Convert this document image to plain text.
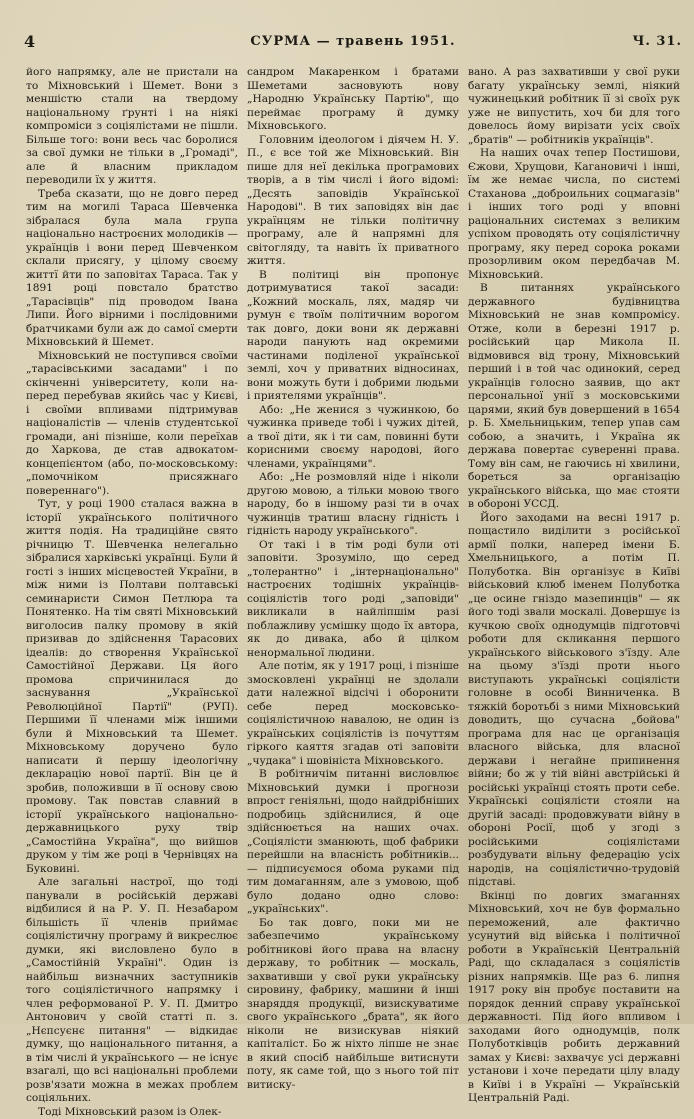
4	СУРМА — травень 1951.	Ч. 31.

його напрямку, але не пристали на то Міхновський і Шемет. Вони з меншістю стали на твердому національному ґрунті і на ніякі компроміси з соціялістами не пішли. Більше того: вони весь час боролися за свої думки не тільки в „Громаді", але й власним прикладом переводили їх у життя.

Треба сказати, що не довго перед тим на могилі Тараса Шевченка зібралася була мала група національно настроєних молодиків — українців і вони перед Шевченком склали присягу, у цілому своєму життї йти по заповітах Тараса. Так у 1891 році повстало братство „Тарасівців" під проводом Івана Липи. Його вірними і послідовними братчиками були аж до самої смерти Міхновський й Шемет.

Міхновський не поступився своїми „тарасівськими засадами" і по скінченні університету, коли на-перед перебував якийсь час у Києві, і своїми впливами підтримував націоналістів — членів студентської громади, ані пізніше, коли переїхав до Харкова, де став адвокатом-концепієнтом (або, по-московському: „помочніком присяжнаго повереннаго").

Тут, у році 1900 сталася важна в історії українського політичного життя подія. На традиційне свято річницю Т. Шевченка нелегально зібралися харківські українці. Були й гості з інших місцевостей України, в між ними із Полтави полтавські семинаристи Симон Петлюра та Понятенко. На тім святі Міхновський виголосив палку промову в якій призивав до здійснення Тарасових ідеалів: до створення Української Самостійної Держави. Ця його промова спричинилася до заснування „Української Революційної Партії" (РУП). Першими її членами між іншими були й Міхновський та Шемет. Міхновському доручено було написати й першу ідеологічну декларацію нової партії. Він це й зробив, положивши в її основу свою промову. Так повстав славний в історії українського національно-державницького руху твір „Самостійна Україна", що вийшов друком у тім же році в Чернівцях на Буковині.

Але загальні настрої, що тоді панували в російській державі відбилися й на Р. У. П. Незабаром більшість її членів приймає соціялістичну програму й викреслює думки, які висловлено було в „Самостійній Україні". Один із найбільш визначних заступників того соціялістичного напрямку і член реформованої Р. У. П. Дмитро Антонович у своїй статті п. з. „Нєпсуєнє питання" — відкидає думку, що національного питання, а в тім числі й українського — не існує взагалі, що всі національні проблеми розв'язати можна в межах проблем соціяльних.

Тоді Міхновський разом із Олек-

сандром Макаренком і братами Шеметами засновують нову „Народню Українську Партію", що переймає програму й думку Міхновського.

Головним ідеологом і діячем Н. У. П., є все той же Міхновський. Він пише для неї декілька програмових творів, а в тім числі і його відомі: „Десять заповідів Української Народові". В тих заповідях він дає українцям не тільки політичну програму, але й напрямні для світогляду, та навіть їх приватного життя.

В політиці він пропонує дотримуватися такої засади: „Кожний москаль, лях, мадяр чи румун є твоїм політичним ворогом так довго, доки вони як державні народи панують над окремими частинами поділеної української землі, хоч у приватних відносинах, вони можуть бути і добрими людьми і приятелями українців".

Або: „Не женися з чужинкою, бо чужинка приведе тобі і чужих дітей, а твої діти, як і ти сам, повинні бути корисними своєму народові, його членами, українцями".

Або: „Не розмовляй ніде і ніколи другою мовою, а тільки мовою твого народу, бо в іншому разі ти в очах чужинців тратиш власну гідність і гідність народу українського".

От такі і в тім роді були оті заповіти. Зрозуміло, що серед „толерантно" і „інтернаціонально" настроєних тодішніх українців-соціялістів того роді „заповіди" викликали в найліпшім разі поблажливу усмішку щодо їх автора, як до дивака, або й цілком ненормальної людини.

Але потім, як у 1917 році, і пізніше змосковлені українці не здолали дати належної відсічі і оборонити себе перед московсько-соціялістичною навалою, не один із українських соціялістів із почуттям гіркого каяття згадав оті заповіти „чудака" і шовініста Міхновського.

В робітничім питанні висловлює Міхновський думки і прогнози впрост геніяльні, щодо найдрібніших подробиць здійснилися, й оце здійснюється на наших очах. „Соціялісти зманюють, щоб фабрики перейшли на власність робітників... — підписуємося обома руками під тим домаганням, але з умовою, щоб було додано одно слово: „українських".

Бо так довго, поки ми не забезпечимо українському робітникові його права на власну державу, то робітник — москаль, захвативши у свої руки українську сировину, фабрику, машини й інші знаряддя продукції, визискуватиме свого українського „брата", як його ніколи не визискував ніякий капіталіст. Бо ж ніхто ліпше не знає в який спосіб найбільше витиснути поту, як саме той, що з нього той піт витиску-

вано. А раз захвативши у свої руки багату українську землі, ніякий чужинецький робітник її зі своїх рук уже не випустить, хоч би для того довелось йому вирізати усіх своїх „братів" — робітників українців".

На наших очах тепер Постишови, Єжови, Хрущови, Кагановичі і інші, їм же немає числа, по системі Стаханова „доброильних соцмагазів" і інших того роді у вповні раціональних системах з великим успіхом проводять оту соціялістичну програму, яку перед сорока роками прозорливим оком передбачав М. Міхновський.

В питаннях українського державного будівництва Міхновський не знав компромісу. Отже, коли в березні 1917 р. російський цар Микола II. відмовився від трону, Міхновський перший і в той час одинокий, серед українців голосно заявив, що акт персональної унії з московськими царями, який був довершений в 1654 р. Б. Хмельницьким, тепер упав сам собою, а значить, і Україна як держава повертає суверенні права. Тому він сам, не гаючись ні хвилини, бореться за організацію українського війська, що має стояти в обороні УССД.

Його заходами на весні 1917 р. пощастило виділити з російської армії полки, наперед імени Б. Хмельницького, а потім П. Полуботка. Він організує в Київі військовий клюб іменем Полуботка „це осине гніздо мазепинців" — як його тоді звали москалі. Довершує із кучкою своїх однодумців підготовчі роботи для скликання першого українського військового з'їзду. Але на цьому з'їзді проти нього виступають українські соціялісти головне в особі Винниченка. В тяжкій боротьбі з ними Міхновський доводить, що сучасна „бойова" програма для нас це організація власного війська, для власної держави і негайне припинення війни; бо ж у тій війні австрійські й російські українці стоять проти себе. Українські соціялісти стояли на другій засаді: продовжувати війну в обороні Росії, щоб у згоді з російськими соціялістами розбудувати вільну федерацію усіх народів, на соціялістично-трудовій підставі.

Вкінці по довгих змаганнях Міхновський, хоч не був формально переможений, але фактично усунутий від війська і політичної роботи в Українській Центральній Раді, що складалася з соціялістів різних напрямків. Ще раз 6. липня 1917 року він пробує поставити на порядок денний справу української державності. Під його впливом і заходами його однодумців, полк Полуботківців робить державний замах у Києві: захвачує усі державні установи і хоче передати цілу владу в Київі і в Україні — Українській Центральній Раді.
